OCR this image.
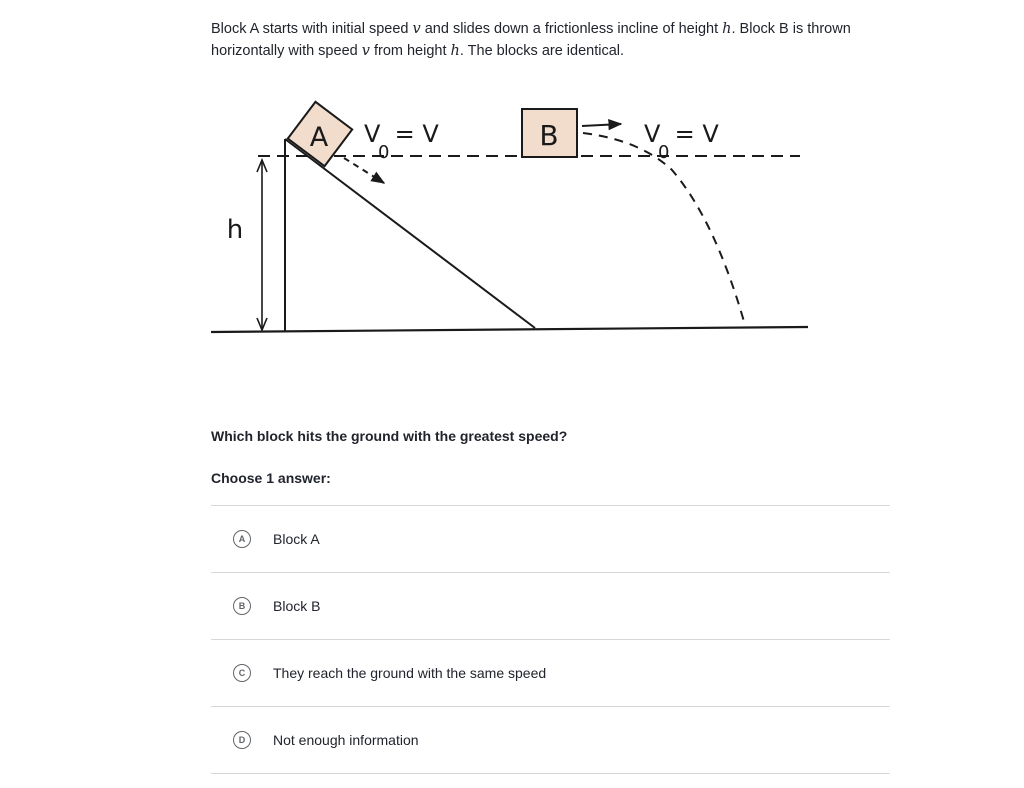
Block A starts with initial speed v and slides down a frictionless incline of height h. Block B is thrown horizontally with speed v from height h. The blocks are identical.
h
A V
0
= V	B	V
0
= V
Which block hits the ground with the greatest speed?
Choose 1 answer:
A	Block A
B	Block B
C	They reach the ground with the same speed
D	Not enough information
